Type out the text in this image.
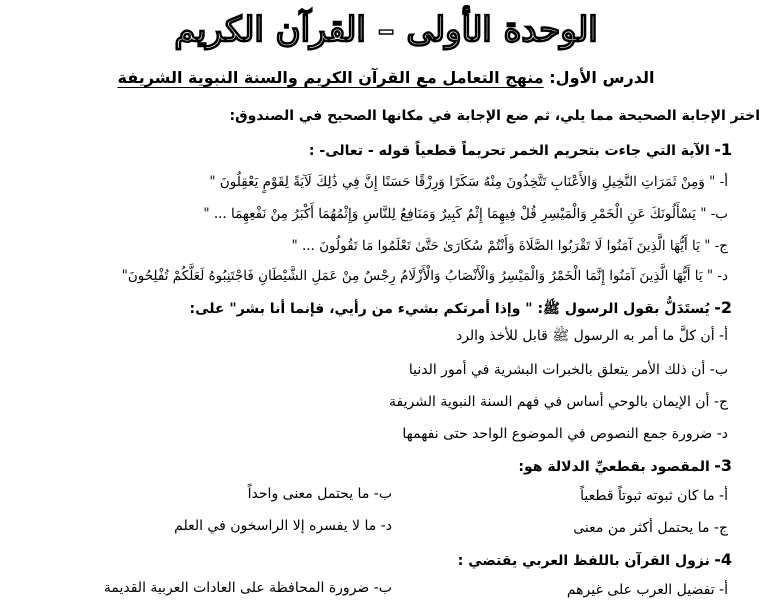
الوحدة الأولى – القرآن الكريم
الدرس الأول: منهج التعامل مع القرآن الكريم والسنة النبوية الشريفة
اختر الإجابة الصحيحة مما يلي، ثم ضع الإجابة في مكانها الصحيح في الصندوق:
1- الآية التي جاءت بتحريم الخمر تحريماً قطعياً قوله - تعالى- :
أ- " وَمِنْ ثَمَرَاتِ النَّخِيلِ وَالأَعْنَابِ تَتَّخِذُونَ مِنْهُ سَكَرًا وَرِزْقًا حَسَنًا إِنَّ فِي ذَٰلِكَ لَآيَةً لِقَوْمٍ يَعْقِلُونَ "
ب- " يَسْأَلُونَكَ عَنِ الْخَمْرِ وَالْمَيْسِرِ قُلْ فِيهِمَا إِثْمٌ كَبِيرٌ وَمَنَافِعُ لِلنَّاسِ وَإِثْمُهُمَا أَكْبَرُ مِنْ نَفْعِهِمَا ... "
ج- " يَا أَيُّهَا الَّذِينَ آمَنُوا لَا تَقْرَبُوا الصَّلَاةَ وَأَنْتُمْ سُكَارَىٰ حَتَّىٰ تَعْلَمُوا مَا تَقُولُونَ ... "
د- " يَا أَيُّهَا الَّذِينَ آمَنُوا إِنَّمَا الْخَمْرُ وَالْمَيْسِرُ وَالْأَنْصَابُ وَالْأَزْلَامُ رِجْسٌ مِنْ عَمَلِ الشَّيْطَانِ فَاجْتَنِبُوهُ لَعَلَّكُمْ تُفْلِحُونَ"
2- يُستَدَلُّ بقول الرسول ﷺ: " وإذا أمرتكم بشيء من رأيي، فإنما أنا بشر" على:
أ- أن كلَّ ما أمر به الرسول ﷺ قابل للأخذ والرد
ب- أن ذلك الأمر يتعلق بالخبرات البشرية في أمور الدنيا
ج- أن الإيمان بالوحي أساس في فهم السنة النبوية الشريفة
د- ضرورة جمع النصوص في الموضوع الواحد حتى نفهمها
3- المقصود بقطعيِّ الدلالة هو:
أ- ما كان ثبوته ثبوتاً قطعياً
ب- ما يحتمل معنى واحداً
ج- ما يحتمل أكثر من معنى
د- ما لا يفسره إلا الراسخون في العلم
4- نزول القرآن باللفظ العربي يقتضي :
أ- تفضيل العرب على غيرهم
ب- ضرورة المحافظة على العادات العربية القديمة
